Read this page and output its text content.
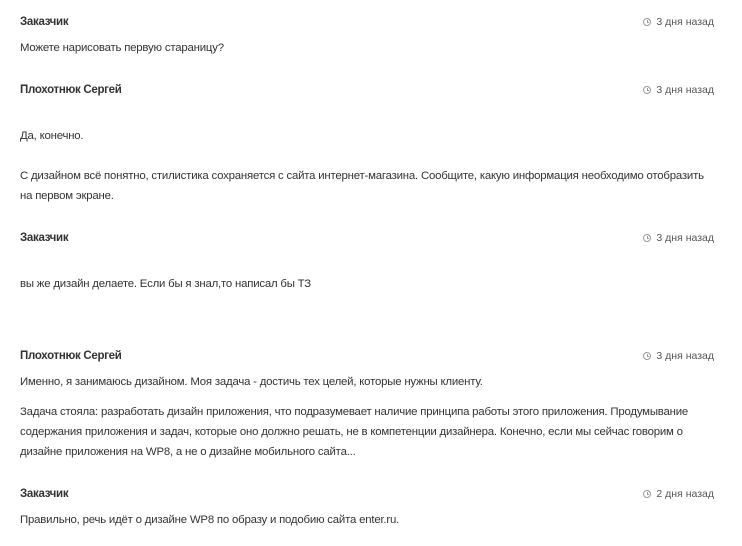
Заказчик	3 дня назад

Можете нарисовать первую стараницу?

Плохотнюк Сергей	3 дня назад

Да, конечно.

С дизайном всё понятно, стилистика сохраняется с сайта интернет-магазина. Сообщите, какую информация необходимо отобразить на первом экране.

Заказчик	3 дня назад

вы же дизайн делаете. Если бы я знал,то написал бы ТЗ

Плохотнюк Сергей	3 дня назад

Именно, я занимаюсь дизайном. Моя задача - достичь тех целей, которые нужны клиенту.

Задача стояла: разработать дизайн приложения, что подразумевает наличие принципа работы этого приложения. Продумывание содержания приложения и задач, которые оно должно решать, не в компетенции дизайнера. Конечно, если мы сейчас говорим о дизайне приложения на WP8, а не о дизайне мобильного сайта...

Заказчик	2 дня назад

Правильно, речь идёт о дизайне WP8 по образу и подобию сайта enter.ru.
